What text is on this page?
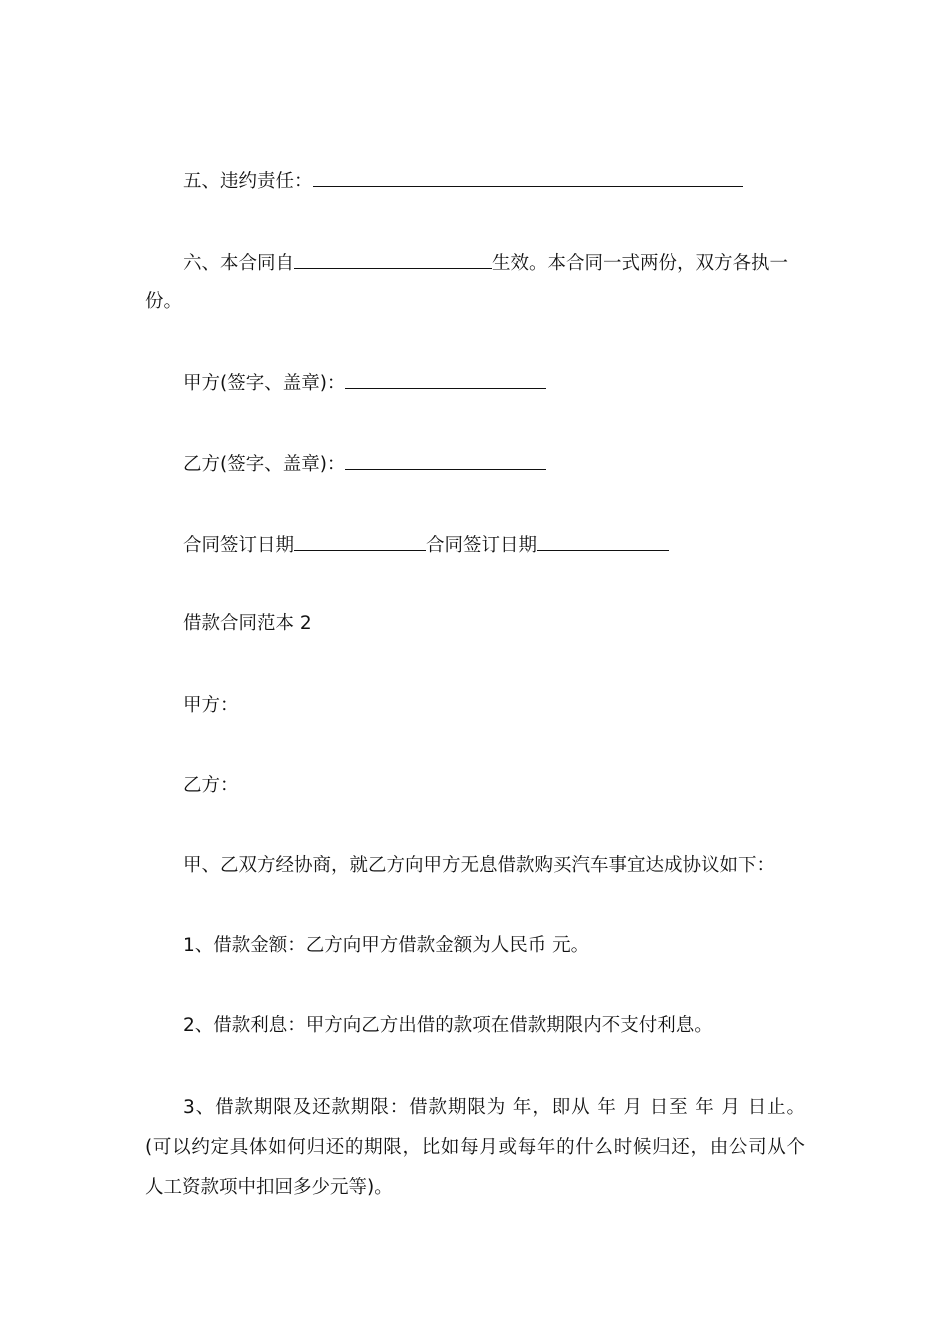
五、违约责任：
六、本合同自	生效。本合同一式两份，双方各执一
份。
甲方(签字、盖章)：
乙方(签字、盖章)：
合同签订日期	合同签订日期
借款合同范本 2
甲方：
乙方：
甲、乙双方经协商，就乙方向甲方无息借款购买汽车事宜达成协议如下：
1、借款金额：乙方向甲方借款金额为人民币 元。
2、借款利息：甲方向乙方出借的款项在借款期限内不支付利息。
3、借款期限及还款期限：借款期限为 年，即从 年 月 日至 年 月 日止。
(可以约定具体如何归还的期限，比如每月或每年的什么时候归还，由公司从个
人工资款项中扣回多少元等)。
